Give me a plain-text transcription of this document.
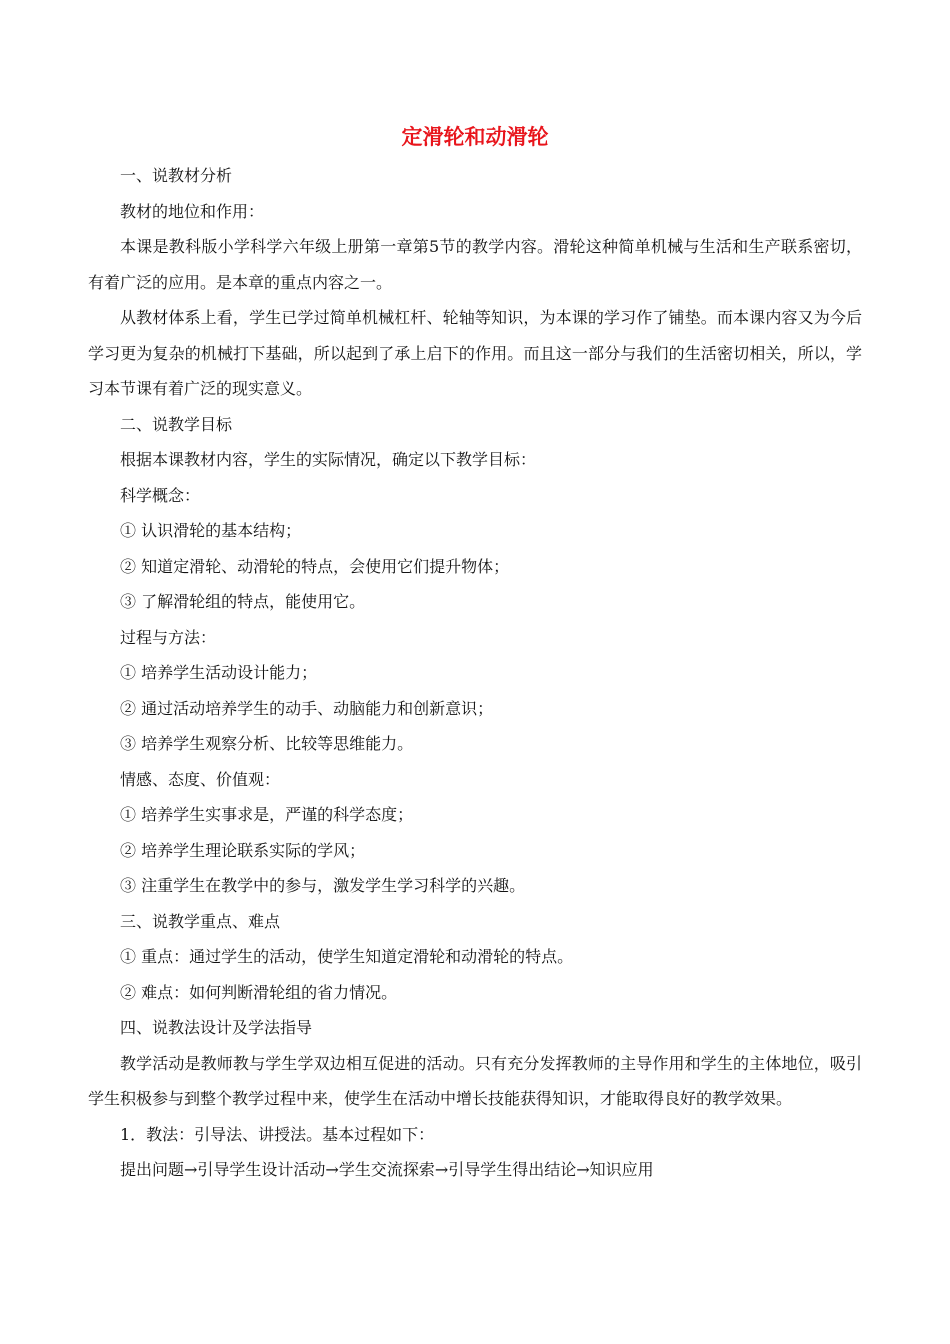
定滑轮和动滑轮

一、说教材分析

教材的地位和作用：

本课是教科版小学科学六年级上册第一章第5节的教学内容。滑轮这种简单机械与生活和生产联系密切，有着广泛的应用。是本章的重点内容之一。

从教材体系上看，学生已学过简单机械杠杆、轮轴等知识，为本课的学习作了铺垫。而本课内容又为今后学习更为复杂的机械打下基础，所以起到了承上启下的作用。而且这一部分与我们的生活密切相关，所以，学习本节课有着广泛的现实意义。

二、说教学目标

根据本课教材内容，学生的实际情况，确定以下教学目标：

科学概念：

① 认识滑轮的基本结构；

② 知道定滑轮、动滑轮的特点，会使用它们提升物体；

③ 了解滑轮组的特点，能使用它。

过程与方法：

① 培养学生活动设计能力；

② 通过活动培养学生的动手、动脑能力和创新意识；

③ 培养学生观察分析、比较等思维能力。

情感、态度、价值观：

① 培养学生实事求是，严谨的科学态度；

② 培养学生理论联系实际的学风；

③ 注重学生在教学中的参与，激发学生学习科学的兴趣。

三、说教学重点、难点

① 重点：通过学生的活动，使学生知道定滑轮和动滑轮的特点。

② 难点：如何判断滑轮组的省力情况。

四、说教法设计及学法指导

教学活动是教师教与学生学双边相互促进的活动。只有充分发挥教师的主导作用和学生的主体地位，吸引学生积极参与到整个教学过程中来，使学生在活动中增长技能获得知识，才能取得良好的教学效果。

1．教法：引导法、讲授法。基本过程如下：

提出问题→引导学生设计活动→学生交流探索→引导学生得出结论→知识应用
